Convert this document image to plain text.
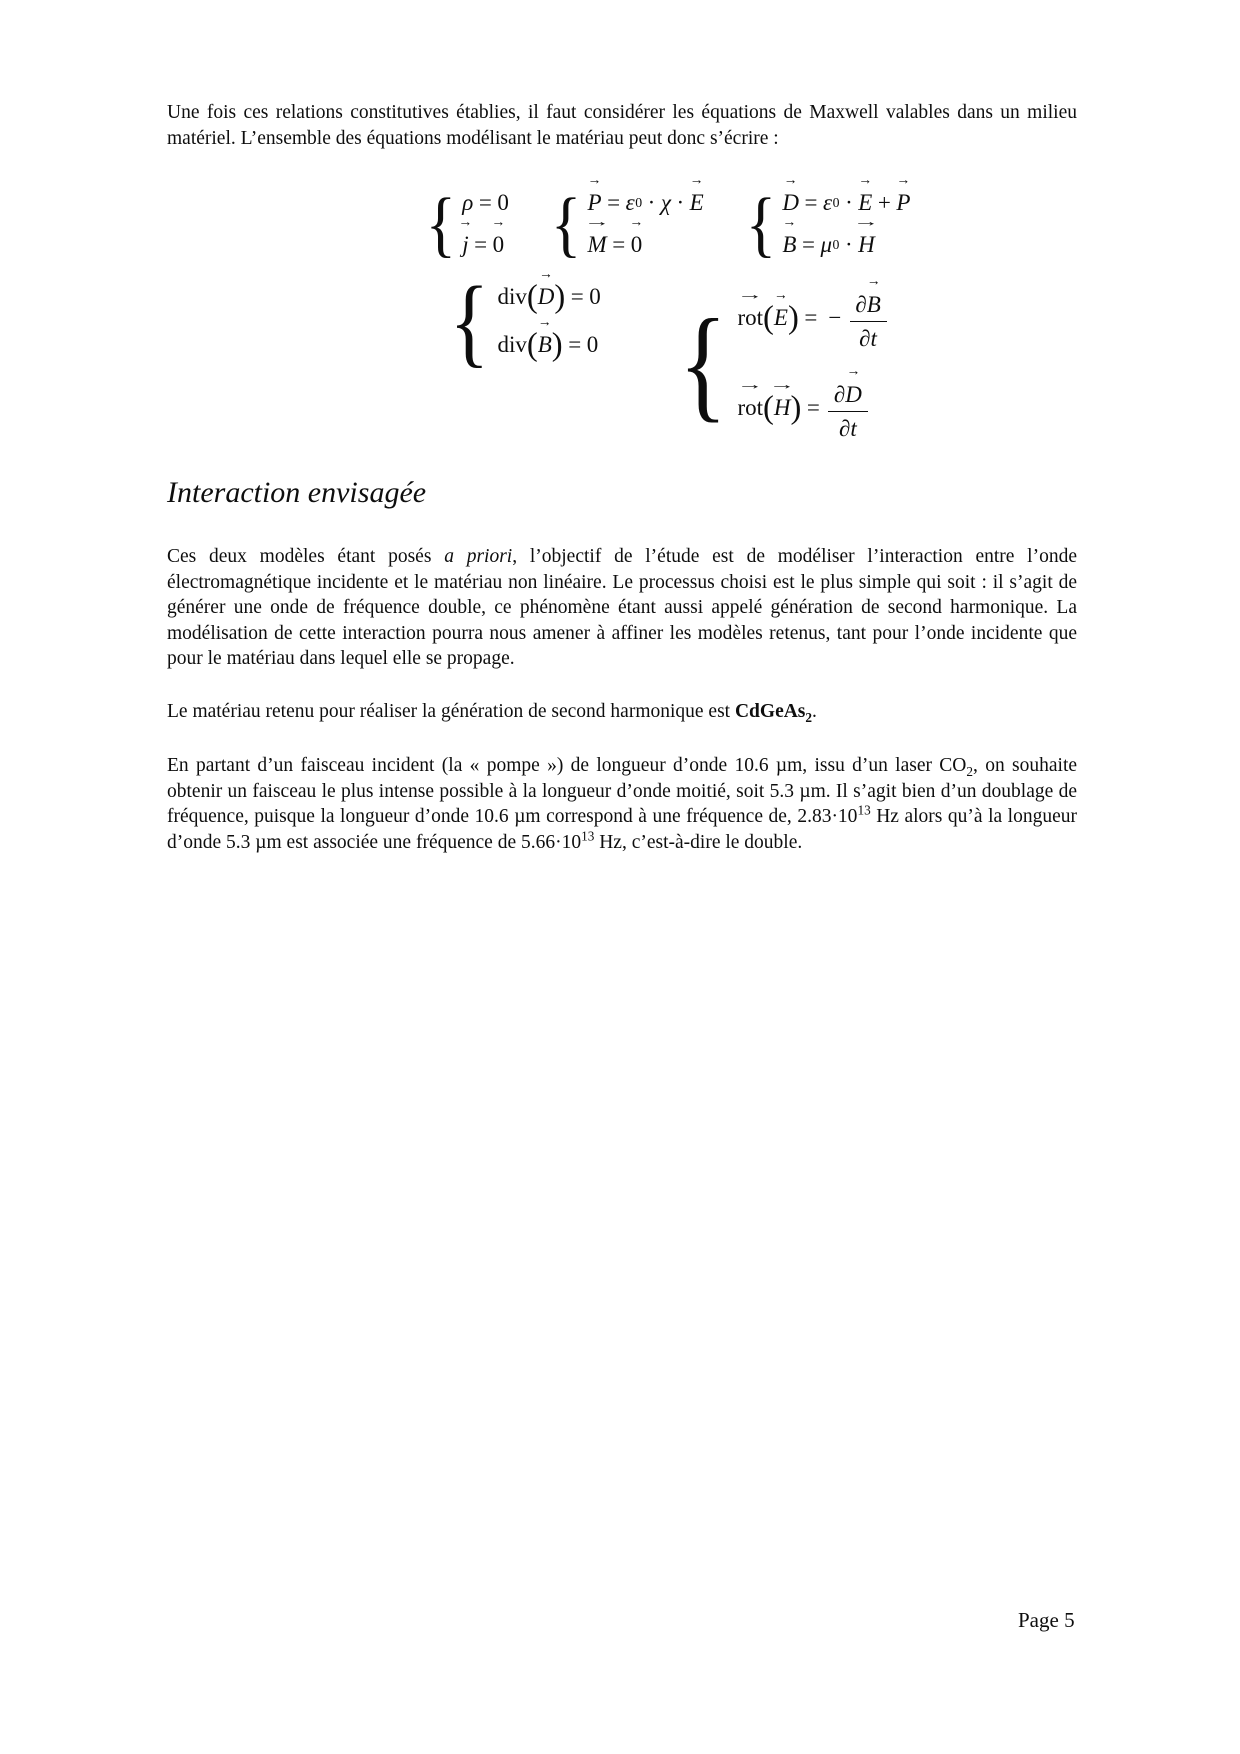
Une fois ces relations constitutives établies, il faut considérer les équations de Maxwell valables dans un milieu matériel. L’ensemble des équations modélisant le matériau peut donc s’écrire :

{ ρ = 0
→
j =
→
0 {
→
P = ε 0 · χ ·
→
E
→
M =
→
0 {
→
D = ε 0 ·
→
E +
→
P
→
B = μ 0 ·
→
H
{ div (
→
D ) = 0
div (
→
B ) = 0 { →
rot (
→
E ) = − ∂
→
B
∂t
→
rot (
→
H ) = ∂
→
D
∂t
Interaction envisagée

Ces deux modèles étant posés a priori, l’objectif de l’étude est de modéliser l’interaction entre l’onde électromagnétique incidente et le matériau non linéaire. Le processus choisi est le plus simple qui soit : il s’agit de générer une onde de fréquence double, ce phénomène étant aussi appelé génération de second harmonique. La modélisation de cette interaction pourra nous amener à affiner les modèles retenus, tant pour l’onde incidente que pour le matériau dans lequel elle se propage.

Le matériau retenu pour réaliser la génération de second harmonique est CdGeAs$_2$.

En partant d’un faisceau incident (la « pompe ») de longueur d’onde 10.6 µm, issu d’un laser $CO_2$, on souhaite obtenir un faisceau le plus intense possible à la longueur d’onde moitié, soit 5.3 µm. Il s’agit bien d’un doublage de fréquence, puisque la longueur d’onde 10.6 µm correspond à une fréquence de, $2.83\cdot 10^{13}$ Hz alors qu’à la longueur d’onde 5.3 µm est associée une fréquence de $5.66\cdot 10^{13}$ Hz, c’est-à-dire le double.

Page 5
